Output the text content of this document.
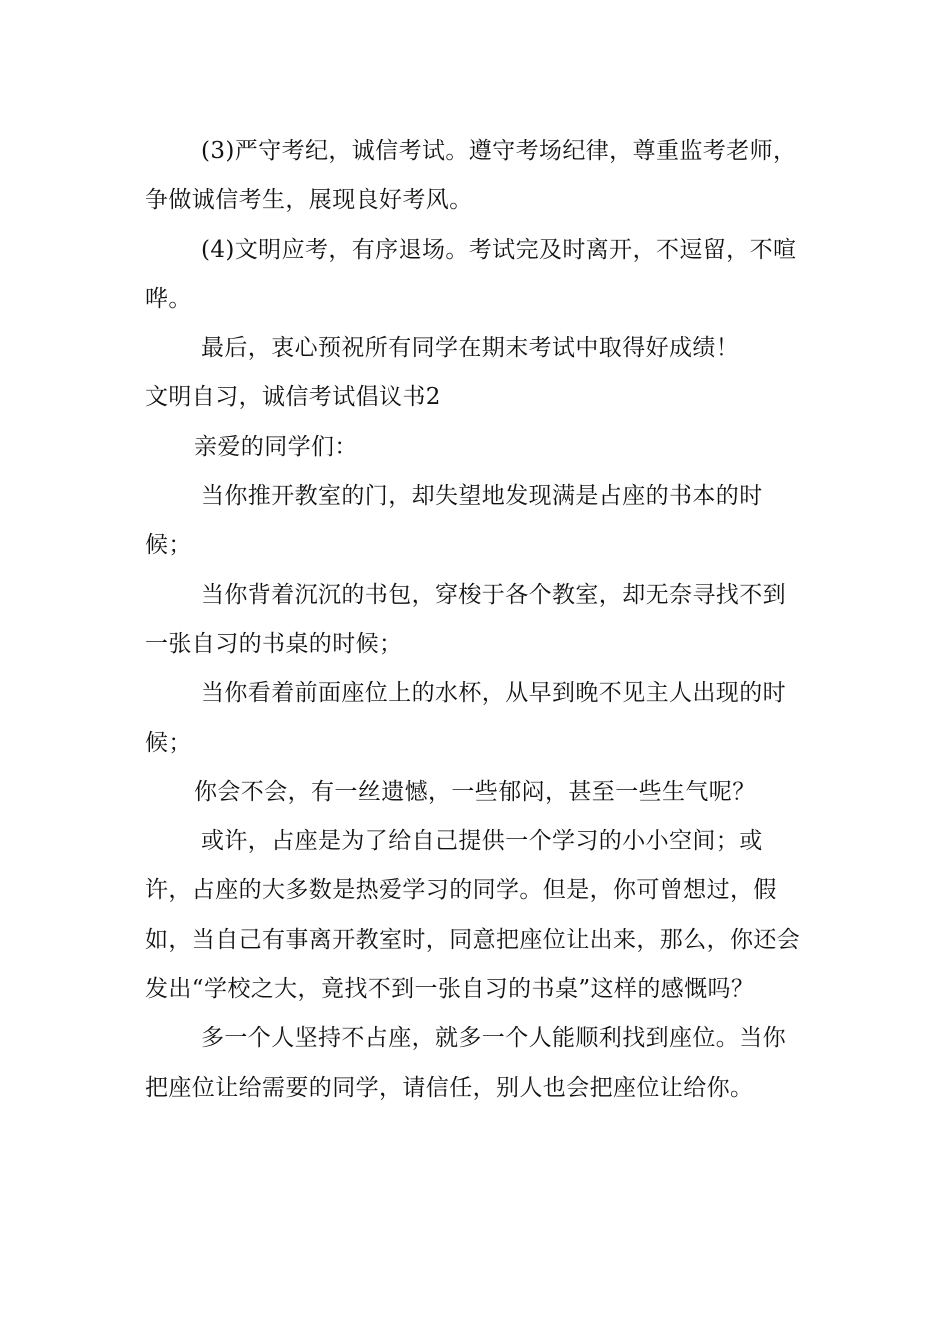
(3)严守考纪，诚信考试。遵守考场纪律，尊重监考老师，争做诚信考生，展现良好考风。

(4)文明应考，有序退场。考试完及时离开，不逗留，不喧哗。

最后，衷心预祝所有同学在期末考试中取得好成绩！

文明自习，诚信考试倡议书2

亲爱的同学们：

当你推开教室的门，却失望地发现满是占座的书本的时候；

当你背着沉沉的书包，穿梭于各个教室，却无奈寻找不到一张自习的书桌的时候；

当你看着前面座位上的水杯，从早到晚不见主人出现的时候；

你会不会，有一丝遗憾，一些郁闷，甚至一些生气呢？

或许，占座是为了给自己提供一个学习的小小空间；或许，占座的大多数是热爱学习的同学。但是，你可曾想过，假如，当自己有事离开教室时，同意把座位让出来，那么，你还会发出“学校之大，竟找不到一张自习的书桌”这样的感慨吗？

多一个人坚持不占座，就多一个人能顺利找到座位。当你把座位让给需要的同学，请信任，别人也会把座位让给你。
